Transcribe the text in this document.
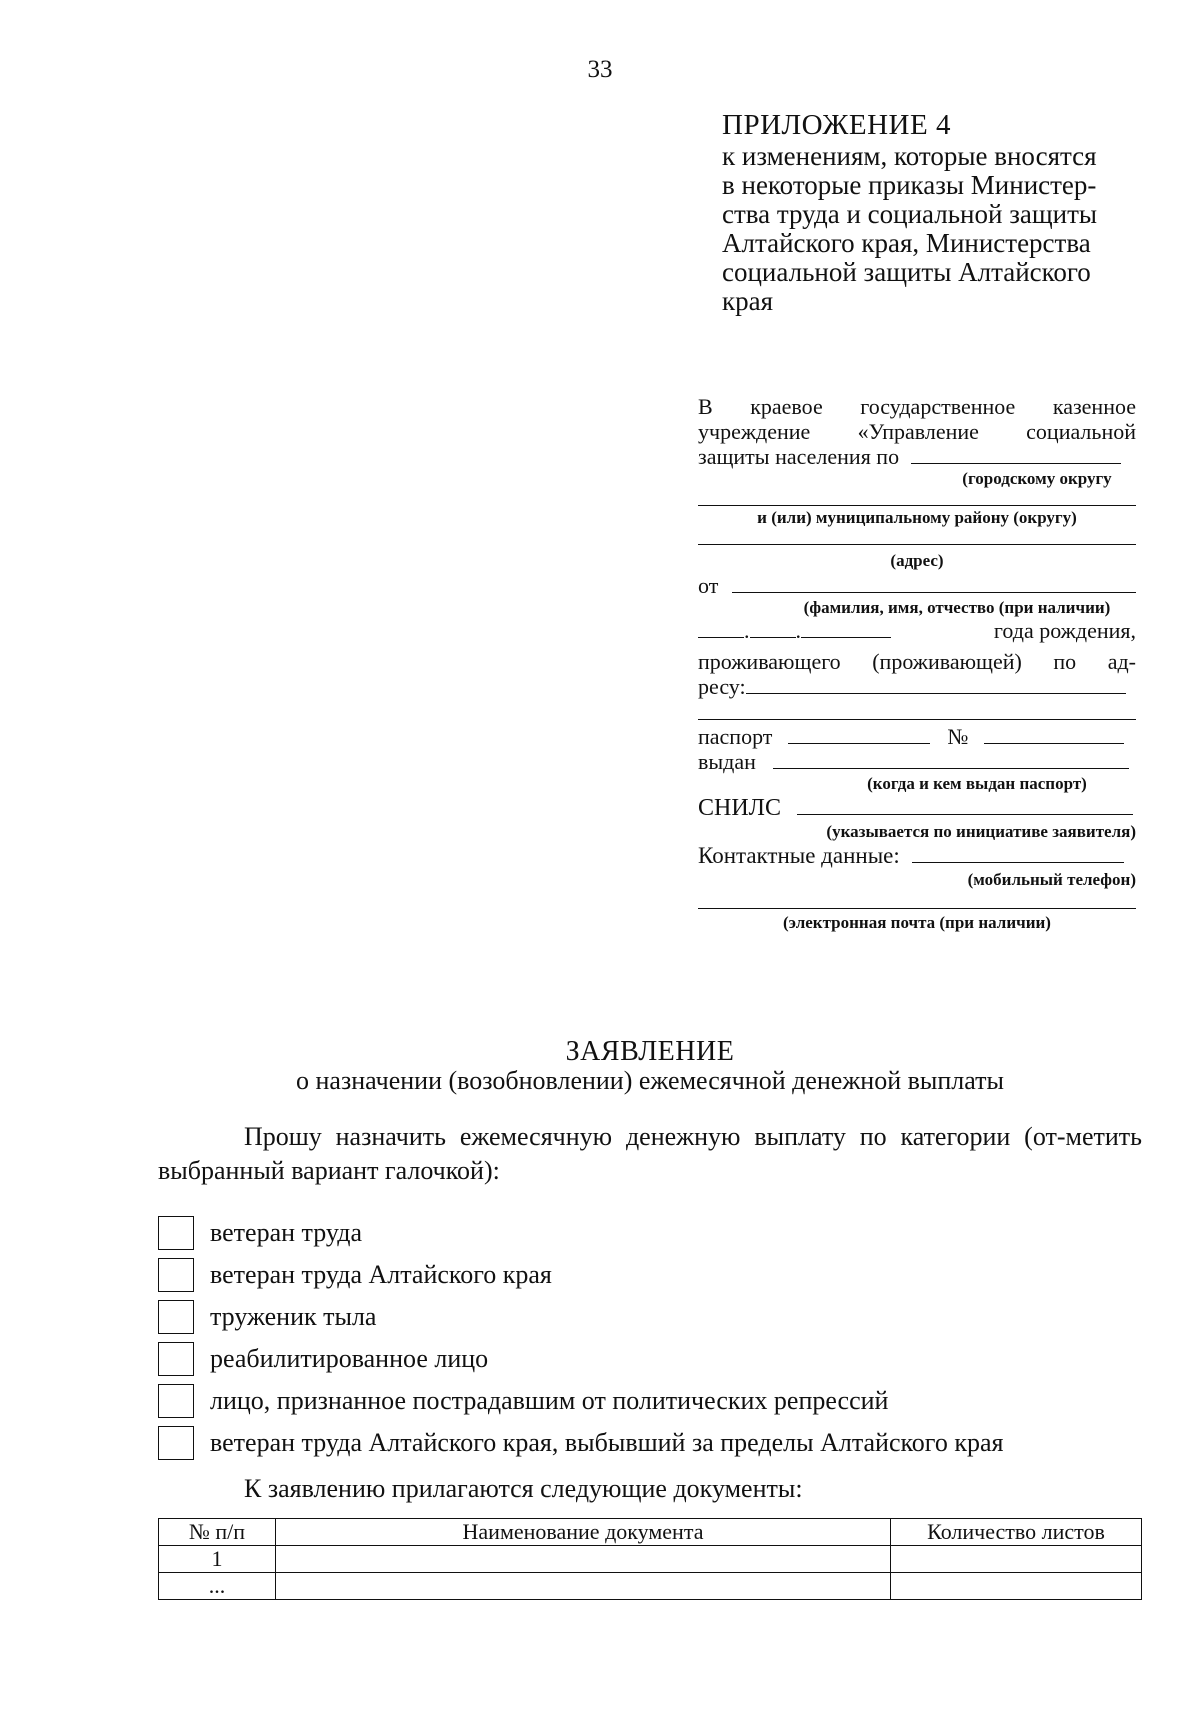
33
ПРИЛОЖЕНИЕ 4
к изменениям, которые вносятся
в некоторые приказы Министер-
ства труда и социальной защиты
Алтайского края, Министерства
социальной защиты Алтайского
края
В краевое государственное казенное
учреждение «Управление социальной
защиты населения по
(городскому округу
и (или) муниципальному району (округу)
(адрес)
от
(фамилия, имя, отчество (при наличии)
. .	года рождения,
проживающего (проживающей) по ад-
ресу:
паспорт	№
выдан
(когда и кем выдан паспорт)
СНИЛС
(указывается по инициативе заявителя)
Контактные данные:
(мобильный телефон)
(электронная почта (при наличии)
ЗАЯВЛЕНИЕ
о назначении (возобновлении) ежемесячной денежной выплаты
Прошу назначить ежемесячную денежную выплату по категории (от-метить выбранный вариант галочкой):
ветеран труда
ветеран труда Алтайского края
труженик тыла
реабилитированное лицо
лицо, признанное пострадавшим от политических репрессий
ветеран труда Алтайского края, выбывший за пределы Алтайского края
К заявлению прилагаются следующие документы:
№ п/п	Наименование документа	Количество листов
1		
...		
